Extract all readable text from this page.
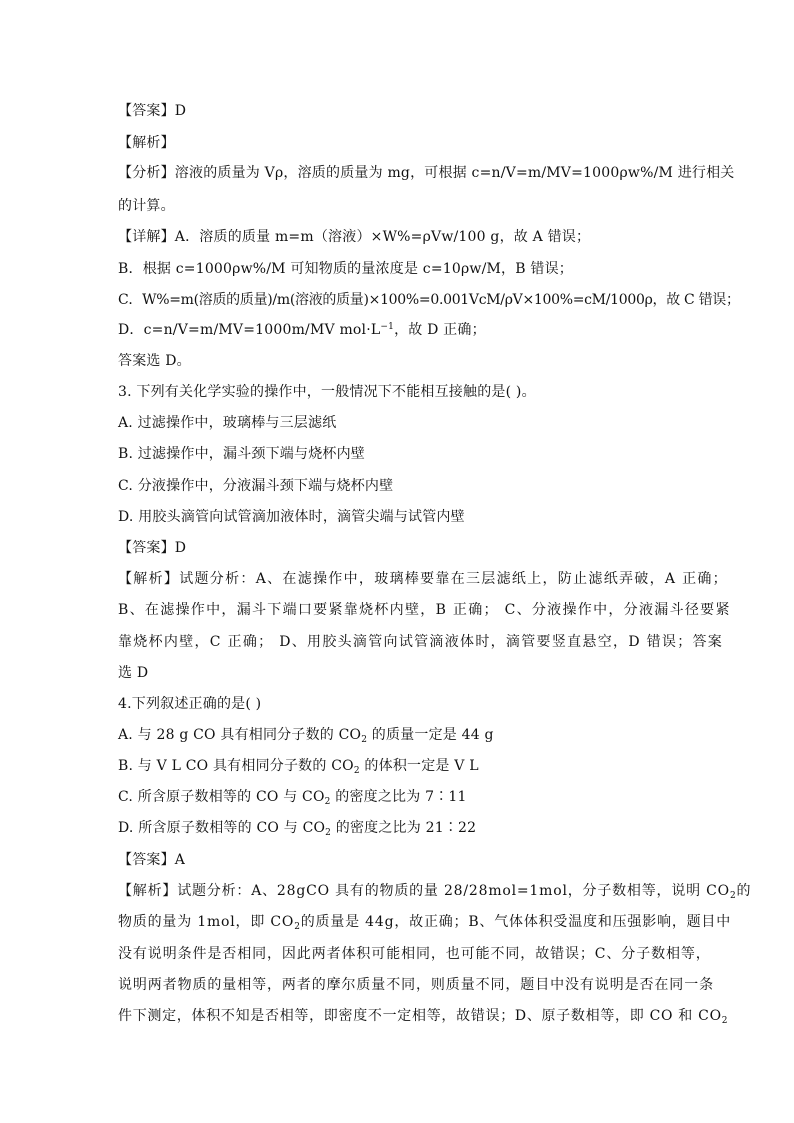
【答案】D
【解析】
【分析】溶液的质量为 Vρ，溶质的质量为 mg，可根据 c=n/V=m/MV=1000ρw%/M 进行相关
的计算。
【详解】A．溶质的质量 m=m（溶液）×W%=ρVw/100 g，故 A 错误；
B．根据 c=1000ρw%/M 可知物质的量浓度是 c=10ρw/M，B 错误；
C．W%=m(溶质的质量)/m(溶液的质量)×100%=0.001VcM/ρV×100%=cM/1000ρ，故 C 错误；
D．c=n/V=m/MV=1000m/MV $mol\cdot L^{-1}$，故 D 正确；
答案选 D。
3. 下列有关化学实验的操作中，一般情况下不能相互接触的是( )。
A. 过滤操作中，玻璃棒与三层滤纸
B. 过滤操作中，漏斗颈下端与烧杯内壁
C. 分液操作中，分液漏斗颈下端与烧杯内壁
D. 用胶头滴管向试管滴加液体时，滴管尖端与试管内壁
【答案】D
【解析】试题分析：A、在滤操作中，玻璃棒要靠在三层滤纸上，防止滤纸弄破，A 正确；
B、在滤操作中，漏斗下端口要紧靠烧杯内壁，B 正确； C、分液操作中，分液漏斗径要紧
靠烧杯内壁，C 正确； D、用胶头滴管向试管滴液体时，滴管要竖直悬空，D 错误；答案
选 D
4.下列叙述正确的是( )
A. 与 28 g CO 具有相同分子数的 $CO_2$ 的质量一定是 44 g
B. 与 V L CO 具有相同分子数的 $CO_2$ 的体积一定是 V L
C. 所含原子数相等的 CO 与 $CO_2$ 的密度之比为 7∶11
D. 所含原子数相等的 CO 与 $CO_2$ 的密度之比为 21∶22
【答案】A
【解析】试题分析：A、28gCO 具有的物质的量 28/28mol=1mol，分子数相等，说明 $CO_2$的
物质的量为 1mol，即 $CO_2$的质量是 44g，故正确；B、气体体积受温度和压强影响，题目中
没有说明条件是否相同，因此两者体积可能相同，也可能不同，故错误；C、分子数相等，
说明两者物质的量相等，两者的摩尔质量不同，则质量不同，题目中没有说明是否在同一条
件下测定，体积不知是否相等，即密度不一定相等，故错误；D、原子数相等，即 CO 和 $CO_2$
